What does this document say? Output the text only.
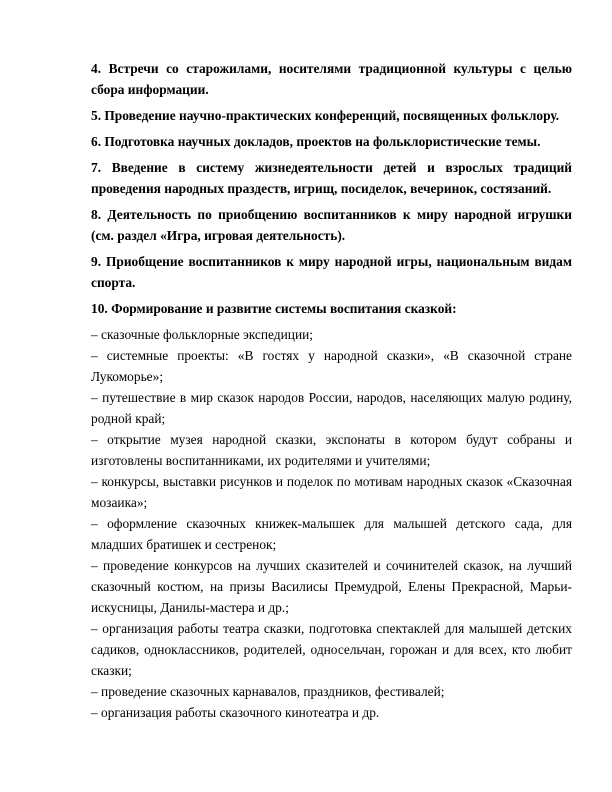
4. Встречи со старожилами, носителями традиционной культуры с целью сбора информации.

5. Проведение научно-практических конференций, посвященных фольклору.

6. Подготовка научных докладов, проектов на фольклористические темы.

7. Введение в систему жизнедеятельности детей и взрослых традиций проведения народных праздеств, игрищ, посиделок, вечеринок, состязаний.

8. Деятельность по приобщению воспитанников к миру народной игрушки (см. раздел «Игра, игровая деятельность).

9. Приобщение воспитанников к миру народной игры, национальным видам спорта.

10. Формирование и развитие системы воспитания сказкой:

– сказочные фольклорные экспедиции;

– системные проекты: «В гостях у народной сказки», «В сказочной стране Лукоморье»;

– путешествие в мир сказок народов России, народов, населяющих малую родину, родной край;

– открытие музея народной сказки, экспонаты в котором будут собраны и изготовлены воспитанниками, их родителями и учителями;

– конкурсы, выставки рисунков и поделок по мотивам народных сказок «Сказочная мозаика»;

– оформление сказочных книжек-малышек для малышей детского сада, для младших братишек и сестренок;

– проведение конкурсов на лучших сказителей и сочинителей сказок, на лучший сказочный костюм, на призы Василисы Премудрой, Елены Прекрасной, Марьи-искусницы, Данилы-мастера и др.;

– организация работы театра сказки, подготовка спектаклей для малышей детских садиков, одноклассников, родителей, односельчан, горожан и для всех, кто любит сказки;

– проведение сказочных карнавалов, праздников, фестивалей;

– организация работы сказочного кинотеатра и др.
